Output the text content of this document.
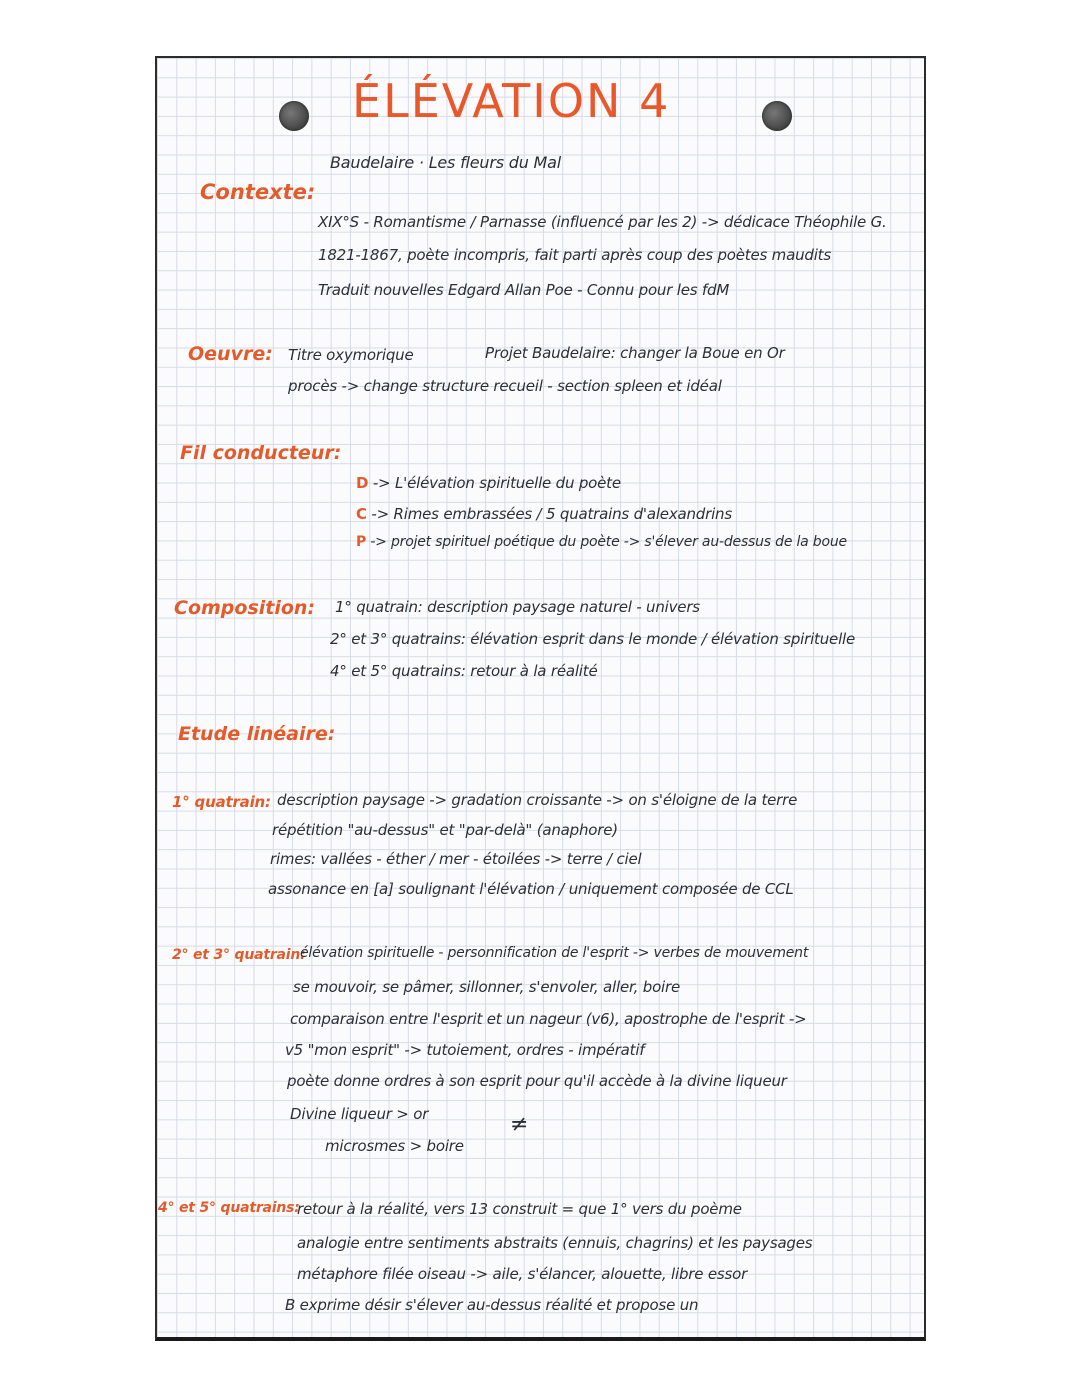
ÉLÉVATION 4
Baudelaire · Les fleurs du Mal
Contexte:
XIX°S - Romantisme / Parnasse (influencé par les 2) -> dédicace Théophile G.
1821-1867, poète incompris, fait parti après coup des poètes maudits
Traduit nouvelles Edgard Allan Poe - Connu pour les fdM
Oeuvre: Titre oxymorique	Projet Baudelaire: changer la Boue en Or
procès -> change structure recueil - section spleen et idéal
Fil conducteur:
D -> L'élévation spirituelle du poète
C -> Rimes embrassées / 5 quatrains d'alexandrins
P -> projet spirituel poétique du poète -> s'élever au-dessus de la boue
Composition: 1° quatrain: description paysage naturel - univers
2° et 3° quatrains: élévation esprit dans le monde / élévation spirituelle
4° et 5° quatrains: retour à la réalité
Etude linéaire:
1° quatrain: description paysage -> gradation croissante -> on s'éloigne de la terre
répétition "au-dessus" et "par-delà" (anaphore)
rimes: vallées - éther / mer - étoilées -> terre / ciel
assonance en [a] soulignant l'élévation / uniquement composée de CCL
2° et 3° quatrain:
élévation spirituelle - personnification de l'esprit -> verbes de mouvement
se mouvoir, se pâmer, sillonner, s'envoler, aller, boire
comparaison entre l'esprit et un nageur (v6), apostrophe de l'esprit ->
v5 "mon esprit" -> tutoiement, ordres - impératif
poète donne ordres à son esprit pour qu'il accède à la divine liqueur
Divine liqueur > or	≠
microsmes > boire
4° et 5° quatrains:
retour à la réalité, vers 13 construit = que 1° vers du poème
analogie entre sentiments abstraits (ennuis, chagrins) et les paysages
métaphore filée oiseau -> aile, s'élancer, alouette, libre essor
B exprime désir s'élever au-dessus réalité et propose un
